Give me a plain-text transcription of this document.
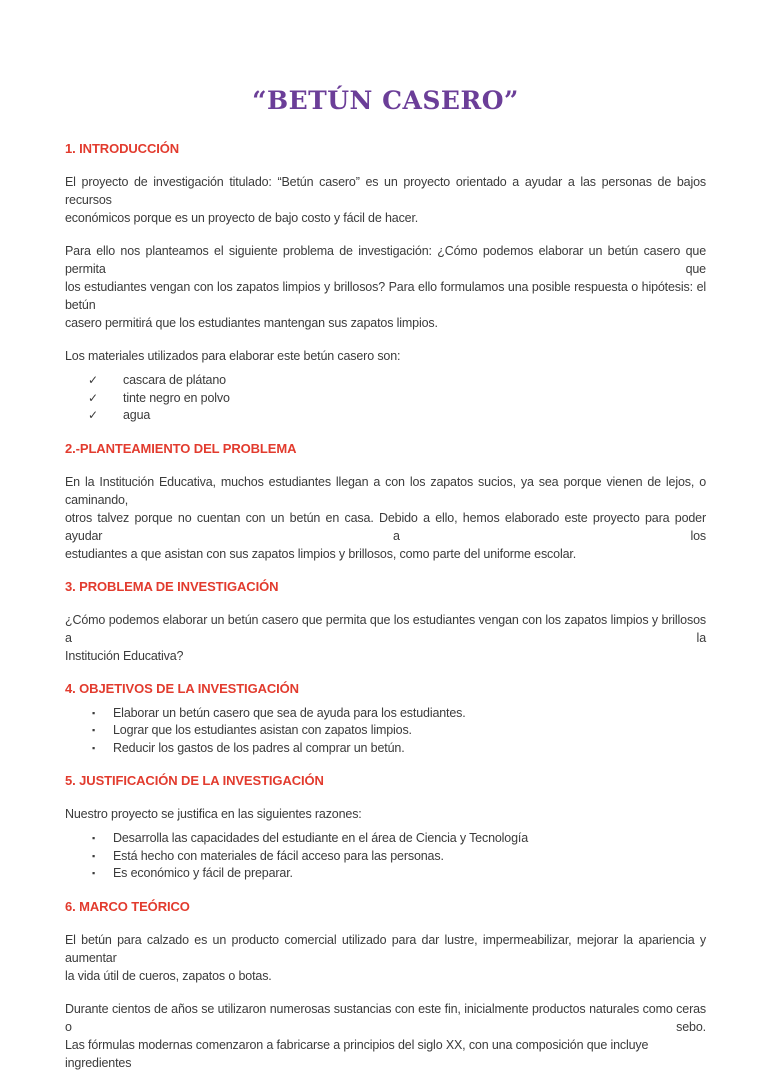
“BETÚN CASERO”
1. INTRODUCCIÓN

El proyecto de investigación titulado: “Betún casero” es un proyecto orientado a ayudar a las personas de bajos recursos
económicos porque es un proyecto de bajo costo y fácil de hacer.

Para ello nos planteamos el siguiente problema de investigación: ¿Cómo podemos elaborar un betún casero que permita que
los estudiantes vengan con los zapatos limpios y brillosos? Para ello formulamos una posible respuesta o hipótesis: el betún
casero permitirá que los estudiantes mantengan sus zapatos limpios.

Los materiales utilizados para elaborar este betún casero son:

✓ cascara de plátano
✓ tinte negro en polvo
✓ agua
2.-PLANTEAMIENTO DEL PROBLEMA

En la Institución Educativa, muchos estudiantes llegan a con los zapatos sucios, ya sea porque vienen de lejos, o caminando,
otros talvez porque no cuentan con un betún en casa. Debido a ello, hemos elaborado este proyecto para poder ayudar a los
estudiantes a que asistan con sus zapatos limpios y brillosos, como parte del uniforme escolar.

3. PROBLEMA DE INVESTIGACIÓN

¿Cómo podemos elaborar un betún casero que permita que los estudiantes vengan con los zapatos limpios y brillosos a la
Institución Educativa?

4. OBJETIVOS DE LA INVESTIGACIÓN
▪ Elaborar un betún casero que sea de ayuda para los estudiantes.
▪ Lograr que los estudiantes asistan con zapatos limpios.
▪ Reducir los gastos de los padres al comprar un betún.
5. JUSTIFICACIÓN DE LA INVESTIGACIÓN

Nuestro proyecto se justifica en las siguientes razones:

▪ Desarrolla las capacidades del estudiante en el área de Ciencia y Tecnología
▪ Está hecho con materiales de fácil acceso para las personas.
▪ Es económico y fácil de preparar.
6. MARCO TEÓRICO

El betún para calzado es un producto comercial utilizado para dar lustre, impermeabilizar, mejorar la apariencia y aumentar
la vida útil de cueros, zapatos o botas.

Durante cientos de años se utilizaron numerosas sustancias con este fin, inicialmente productos naturales como ceras o sebo.
Las fórmulas modernas comenzaron a fabricarse a principios del siglo XX, con una composición que incluye ingredientes
